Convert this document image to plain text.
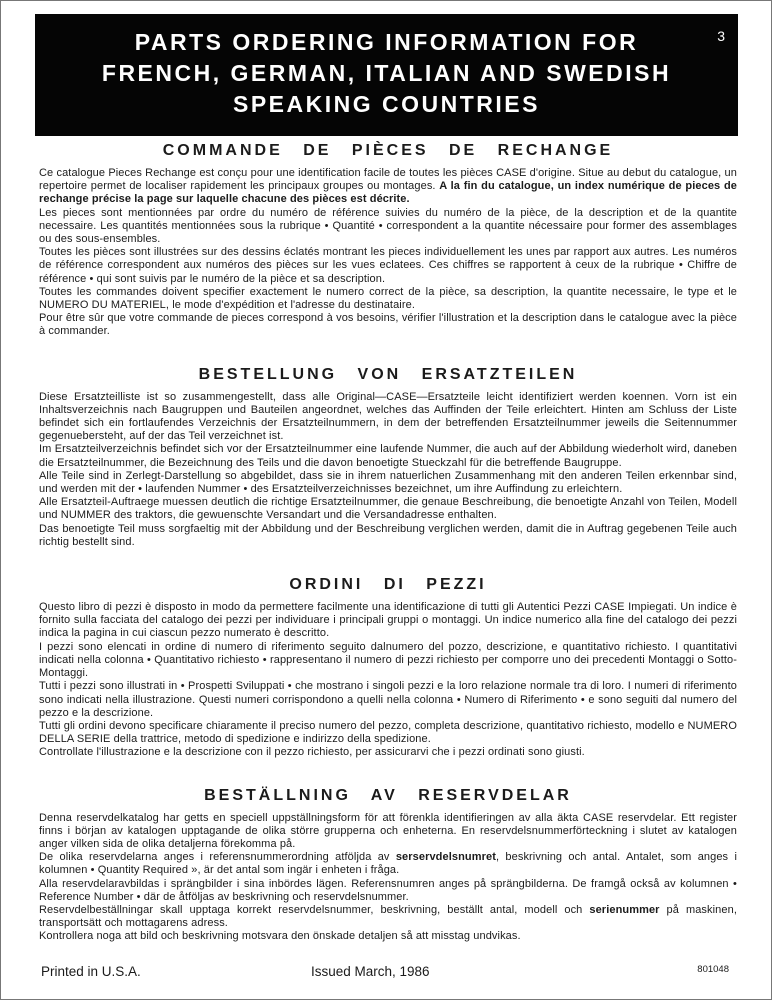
PARTS ORDERING INFORMATION FOR
FRENCH, GERMAN, ITALIAN AND SWEDISH
SPEAKING COUNTRIES
3
COMMANDE DE PIÈCES DE RECHANGE

Ce catalogue Pieces Rechange est conçu pour une identification facile de toutes les pièces CASE d'origine. Situe au debut du catalogue, un repertoire permet de localiser rapidement les principaux groupes ou montages. A la fin du catalogue, un index numérique de pieces de rechange précise la page sur laquelle chacune des pièces est décrite.

Les pieces sont mentionnées par ordre du numéro de référence suivies du numéro de la pièce, de la description et de la quantite necessaire. Les quantités mentionnées sous la rubrique • Quantité • correspondent a la quantite nécessaire pour former des assemblages ou des sous-ensembles.

Toutes les pièces sont illustrées sur des dessins éclatés montrant les pieces individuellement les unes par rapport aux autres. Les numéros de référence correspondent aux numéros des pièces sur les vues eclatees. Ces chiffres se rapportent à ceux de la rubrique • Chiffre de référence • qui sont suivis par le numéro de la pièce et sa description.

Toutes les commandes doivent specifier exactement le numero correct de la pièce, sa description, la quantite necessaire, le type et le NUMERO DU MATERIEL, le mode d'expédition et l'adresse du destinataire.

Pour être sûr que votre commande de pieces correspond à vos besoins, vérifier l'illustration et la description dans le catalogue avec la pièce à commander.

BESTELLUNG VON ERSATZTEILEN

Diese Ersatzteilliste ist so zusammengestellt, dass alle Original—CASE—Ersatzteile leicht identifiziert werden koennen. Vorn ist ein Inhaltsverzeichnis nach Baugruppen und Bauteilen angeordnet, welches das Auffinden der Teile erleichtert. Hinten am Schluss der Liste befindet sich ein fortlaufendes Verzeichnis der Ersatzteilnummern, in dem der betreffenden Ersatzteilnummer jeweils die Seitennummer gegenuebersteht, auf der das Teil verzeichnet ist.

Im Ersatzteilverzeichnis befindet sich vor der Ersatzteilnummer eine laufende Nummer, die auch auf der Abbildung wiederholt wird, daneben die Ersatzteilnummer, die Bezeichnung des Teils und die davon benoetigte Stueckzahl für die betreffende Baugruppe.

Alle Teile sind in Zerlegt-Darstellung so abgebildet, dass sie in ihrem natuerlichen Zusammenhang mit den anderen Teilen erkennbar sind, und werden mit der • laufenden Nummer • des Ersatzteilverzeichnisses bezeichnet, um ihre Auffindung zu erleichtern.

Alle Ersatzteil-Auftraege muessen deutlich die richtige Ersatzteilnummer, die genaue Beschreibung, die benoetigte Anzahl von Teilen, Modell und NUMMER des traktors, die gewuenschte Versandart und die Versandadresse enthalten.

Das benoetigte Teil muss sorgfaeltig mit der Abbildung und der Beschreibung verglichen werden, damit die in Auftrag gegebenen Teile auch richtig bestellt sind.

ORDINI DI PEZZI

Questo libro di pezzi è disposto in modo da permettere facilmente una identificazione di tutti gli Autentici Pezzi CASE Impiegati. Un indice è fornito sulla facciata del catalogo dei pezzi per individuare i principali gruppi o montaggi. Un indice numerico alla fine del catalogo dei pezzi indica la pagina in cui ciascun pezzo numerato è descritto.

I pezzi sono elencati in ordine di numero di riferimento seguito dalnumero del pozzo, descrizione, e quantitativo richiesto. I quantitativi indicati nella colonna • Quantitativo richiesto • rappresentano il numero di pezzi richiesto per comporre uno dei precedenti Montaggi o Sotto- Montaggi.

Tutti i pezzi sono illustrati in • Prospetti Sviluppati • che mostrano i singoli pezzi e la loro relazione normale tra di loro. I numeri di riferimento sono indicati nella illustrazione. Questi numeri corrispondono a quelli nella colonna • Numero di Riferimento • e sono seguiti dal numero del pezzo e la descrizione.

Tutti gli ordini devono specificare chiaramente il preciso numero del pezzo, completa descrizione, quantitativo richiesto, modello e NUMERO DELLA SERIE della trattrice, metodo di spedizione e indirizzo della spedizione.

Controllate l'illustrazione e la descrizione con il pezzo richiesto, per assicurarvi che i pezzi ordinati sono giusti.

BESTÄLLNING AV RESERVDELAR

Denna reservdelkatalog har getts en speciell uppställningsform för att förenkla identifieringen av alla äkta CASE reservdelar. Ett register finns i början av katalogen upptagande de olika större grupperna och enheterna. En reservdelsnummerförteckning i slutet av katalogen anger vilken sida de olika detaljerna förekomma på.

De olika reservdelarna anges i referensnummerordning atföljda av serservdelsnumret, beskrivning och antal. Antalet, som anges i kolumnen • Quantity Required », är det antal som ingär i enheten i fråga.

Alla reservdelaravbildas i sprängbilder i sina inbördes lägen. Referensnumren anges på sprängbilderna. De framgå också av kolumnen • Reference Number • där de åtföljas av beskrivning och reservdelsnummer.

Reservdelbeställningar skall upptaga korrekt reservdelsnummer, beskrivning, beställt antal, modell och serienummer på maskinen, transportsätt och mottagarens adress.

Kontrollera noga att bild och beskrivning motsvara den önskade detaljen så att misstag undvikas.

Printed in U.S.A.	Issued March, 1986	801048
